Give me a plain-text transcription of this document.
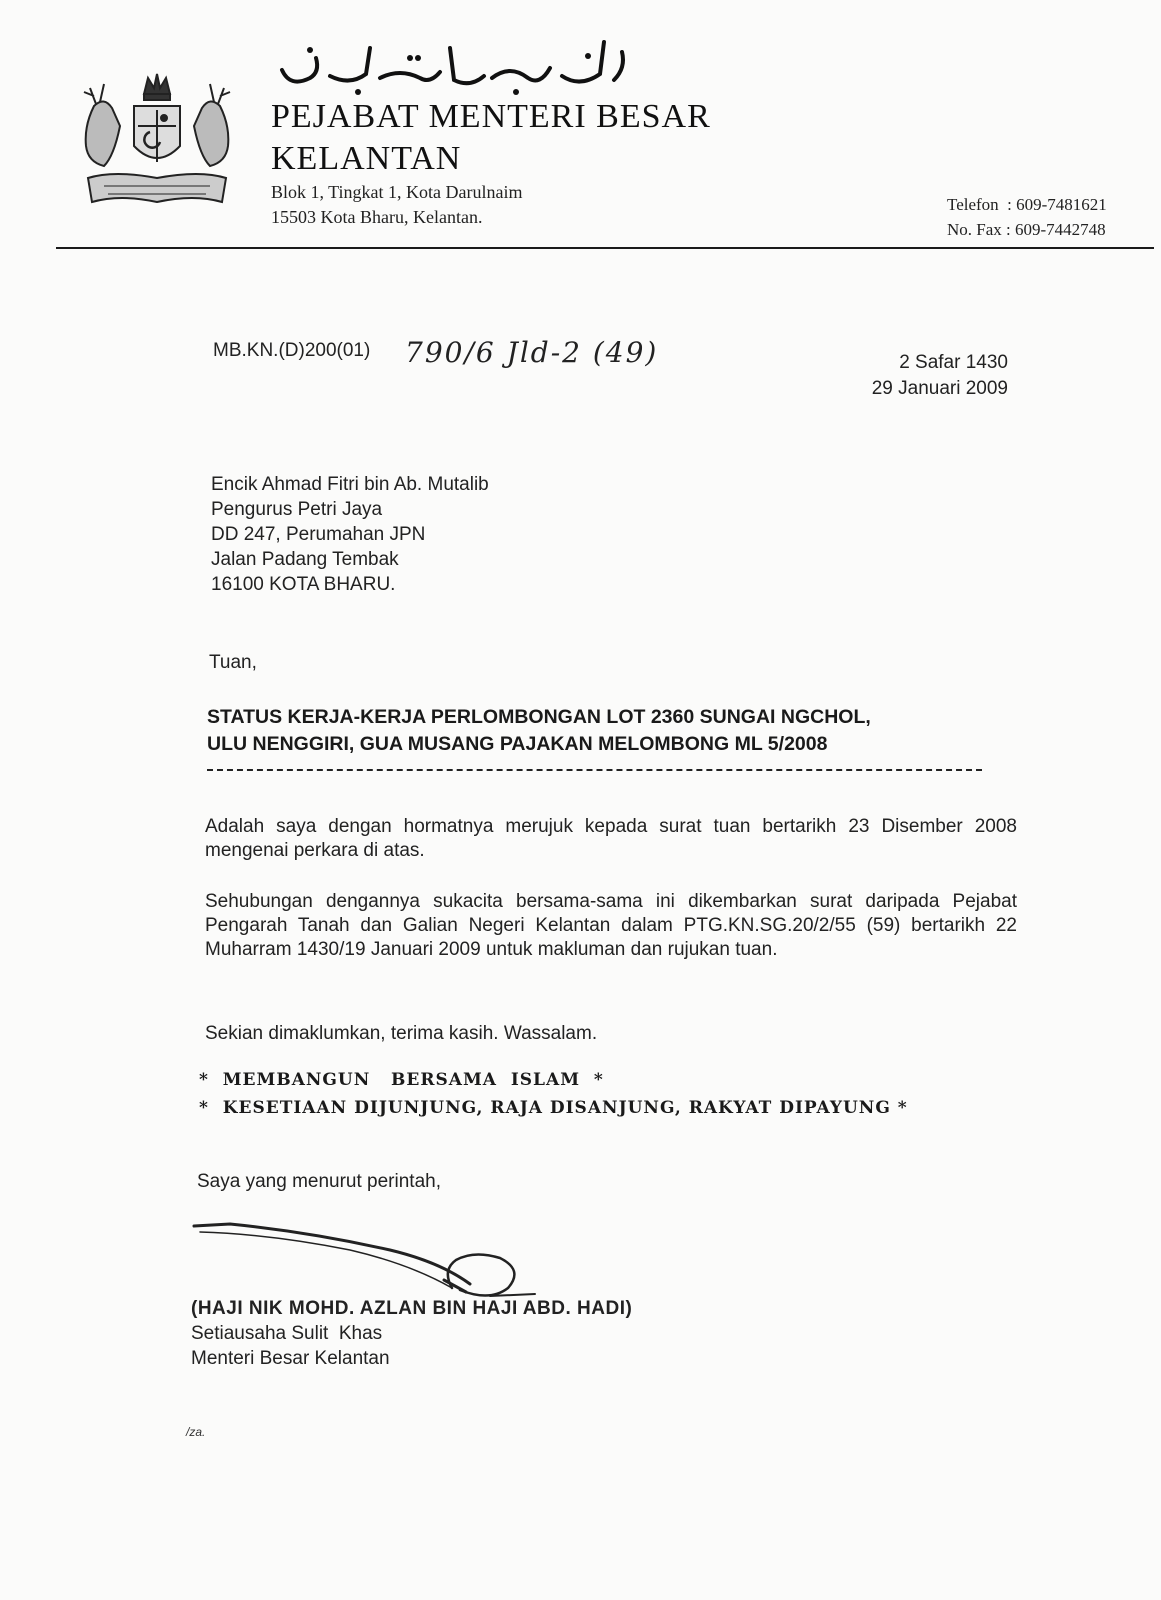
PEJABAT MENTERI BESAR
KELANTAN
Blok 1, Tingkat 1, Kota Darulnaim
15503 Kota Bharu, Kelantan.
Telefon  : 609-7481621
No. Fax : 609-7442748
MB.KN.(D)200(01) 790/6 Jld-2 (49)	2 Safar 1430
29 Januari 2009
Encik Ahmad Fitri bin Ab. Mutalib
Pengurus Petri Jaya
DD 247, Perumahan JPN
Jalan Padang Tembak
16100 KOTA BHARU.
Tuan,
STATUS KERJA-KERJA PERLOMBONGAN LOT 2360 SUNGAI NGCHOL,
ULU NENGGIRI, GUA MUSANG PAJAKAN MELOMBONG ML 5/2008
Adalah saya dengan hormatnya merujuk kepada surat tuan bertarikh 23 Disember 2008 mengenai perkara di atas.
Sehubungan dengannya sukacita bersama-sama ini dikembarkan surat daripada Pejabat Pengarah Tanah dan Galian Negeri Kelantan dalam PTG.KN.SG.20/2/55 (59) bertarikh 22 Muharram 1430/19 Januari 2009 untuk makluman dan rujukan tuan.
Sekian dimaklumkan, terima kasih. Wassalam.
*  MEMBANGUN   BERSAMA  ISLAM  *
*  KESETIAAN DIJUNJUNG, RAJA DISANJUNG, RAKYAT DIPAYUNG *
Saya yang menurut perintah,
(HAJI NIK MOHD. AZLAN BIN HAJI ABD. HADI)
Setiausaha Sulit  Khas
Menteri Besar Kelantan
/za.
